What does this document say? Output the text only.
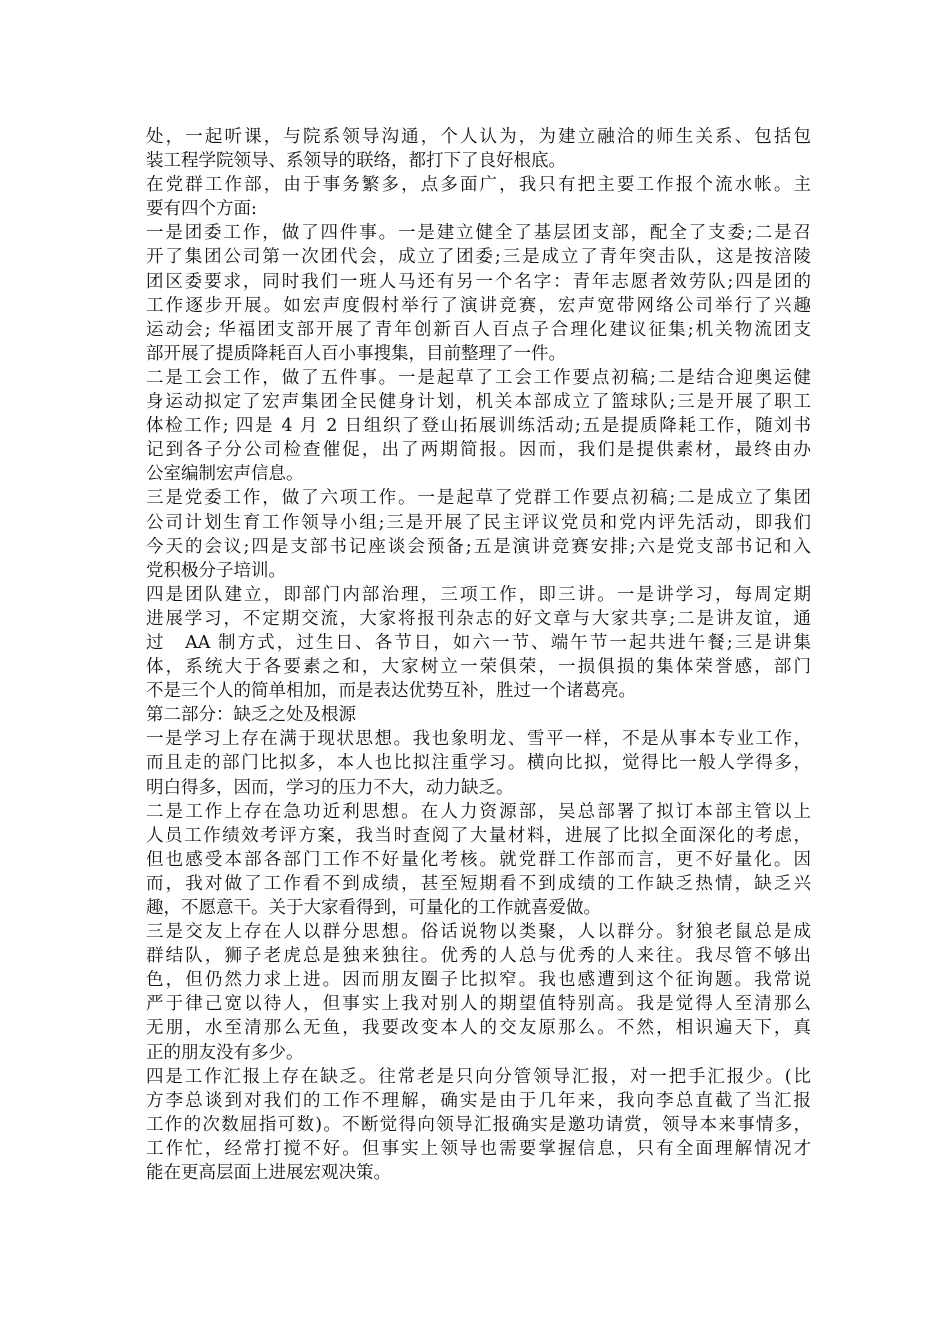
处，一起听课，与院系领导沟通，个人认为，为建立融洽的师生关系、包括包
装工程学院领导、系领导的联络，都打下了良好根底。
在党群工作部，由于事务繁多，点多面广，我只有把主要工作报个流水帐。主
要有四个方面:
一是团委工作，做了四件事。一是建立健全了基层团支部，配全了支委;二是召
开了集团公司第一次团代会，成立了团委;三是成立了青年突击队，这是按涪陵
团区委要求，同时我们一班人马还有另一个名字：青年志愿者效劳队;四是团的
工作逐步开展。如宏声度假村举行了演讲竞赛，宏声宽带网络公司举行了兴趣
运动会; 华福团支部开展了青年创新百人百点子合理化建议征集;机关物流团支
部开展了提质降耗百人百小事搜集，目前整理了一件。
二是工会工作，做了五件事。一是起草了工会工作要点初稿;二是结合迎奥运健
身运动拟定了宏声集团全民健身计划，机关本部成立了篮球队;三是开展了职工
体检工作; 四是 4 月 2 日组织了登山拓展训练活动;五是提质降耗工作，随刘书
记到各子分公司检查催促，出了两期简报。因而，我们是提供素材，最终由办
公室编制宏声信息。
三是党委工作，做了六项工作。一是起草了党群工作要点初稿;二是成立了集团
公司计划生育工作领导小组;三是开展了民主评议党员和党内评先活动，即我们
今天的会议;四是支部书记座谈会预备;五是演讲竞赛安排;六是党支部书记和入
党积极分子培训。
四是团队建立，即部门内部治理，三项工作，即三讲。一是讲学习，每周定期
进展学习，不定期交流，大家将报刊杂志的好文章与大家共享;二是讲友谊，通
过　AA 制方式，过生日、各节日，如六一节、端午节一起共进午餐;三是讲集
体，系统大于各要素之和，大家树立一荣俱荣，一损俱损的集体荣誉感，部门
不是三个人的简单相加，而是表达优势互补，胜过一个诸葛亮。
第二部分：缺乏之处及根源
一是学习上存在满于现状思想。我也象明龙、雪平一样，不是从事本专业工作，
而且走的部门比拟多，本人也比拟注重学习。横向比拟，觉得比一般人学得多，
明白得多，因而，学习的压力不大，动力缺乏。
二是工作上存在急功近利思想。在人力资源部，吴总部署了拟订本部主管以上
人员工作绩效考评方案，我当时查阅了大量材料，进展了比拟全面深化的考虑，
但也感受本部各部门工作不好量化考核。就党群工作部而言，更不好量化。因
而，我对做了工作看不到成绩，甚至短期看不到成绩的工作缺乏热情，缺乏兴
趣，不愿意干。关于大家看得到，可量化的工作就喜爱做。
三是交友上存在人以群分思想。俗话说物以类聚，人以群分。豺狼老鼠总是成
群结队，狮子老虎总是独来独往。优秀的人总与优秀的人来往。我尽管不够出
色，但仍然力求上进。因而朋友圈子比拟窄。我也感遭到这个征询题。我常说
严于律己宽以待人，但事实上我对别人的期望值特别高。我是觉得人至清那么
无朋，水至清那么无鱼，我要改变本人的交友原那么。不然，相识遍天下，真
正的朋友没有多少。
四是工作汇报上存在缺乏。往常老是只向分管领导汇报，对一把手汇报少。(比
方李总谈到对我们的工作不理解，确实是由于几年来，我向李总直截了当汇报
工作的次数屈指可数)。不断觉得向领导汇报确实是邀功请赏，领导本来事情多，
工作忙，经常打搅不好。但事实上领导也需要掌握信息，只有全面理解情况才
能在更高层面上进展宏观决策。
